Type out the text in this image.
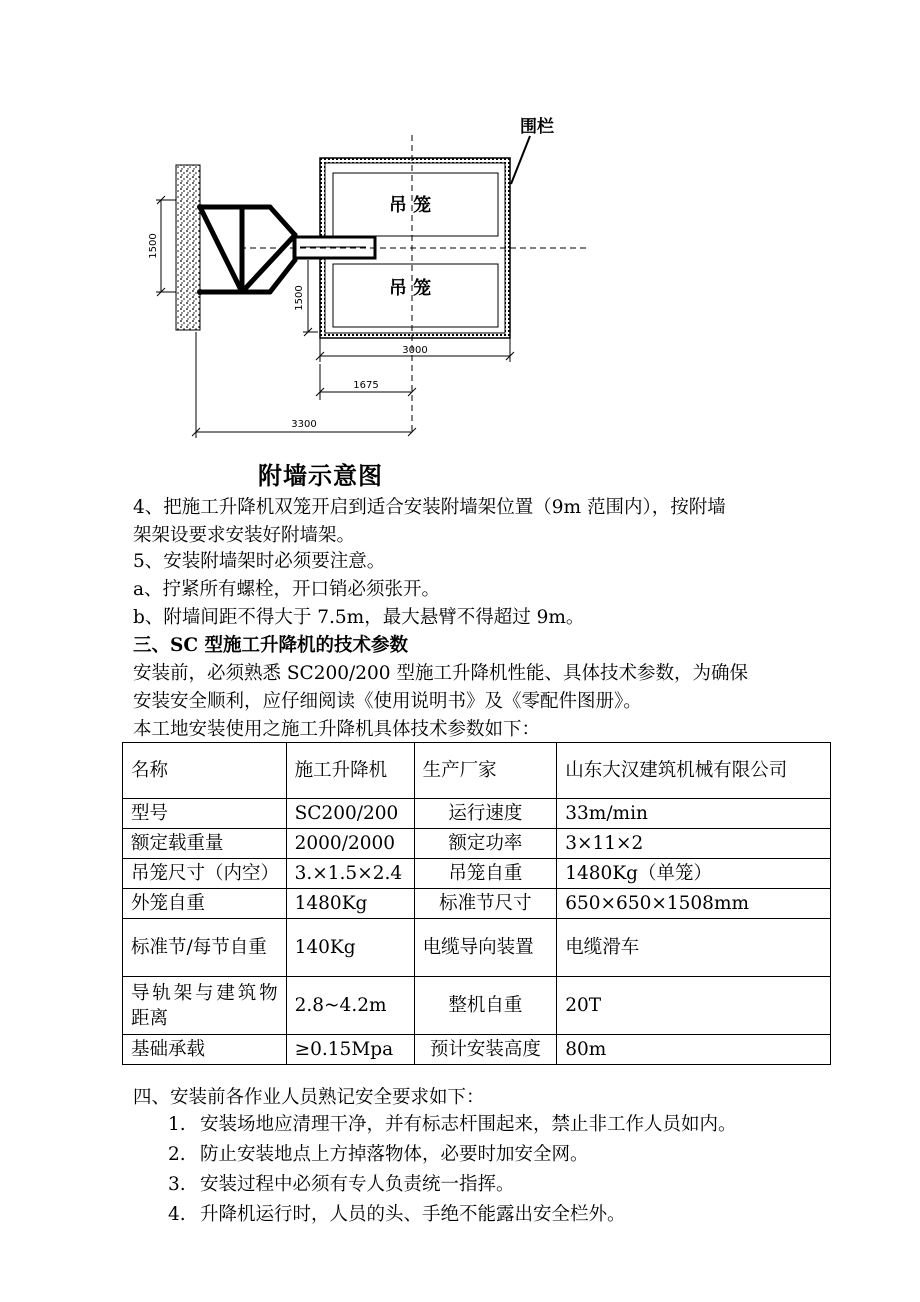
1500
吊 笼
吊 笼
围栏
1500
3000
1675
3300
附墙示意图
4、把施工升降机双笼开启到适合安装附墙架位置（9m 范围内），按附墙
架架设要求安装好附墙架。
5、安装附墙架时必须要注意。
a、拧紧所有螺栓，开口销必须张开。
b、附墙间距不得大于 7.5m，最大悬臂不得超过 9m。
三、SC 型施工升降机的技术参数
安装前，必须熟悉 SC200/200 型施工升降机性能、具体技术参数，为确保
安装安全顺利，应仔细阅读《使用说明书》及《零配件图册》。
本工地安装使用之施工升降机具体技术参数如下：
名称	施工升降机	生产厂家	山东大汉建筑机械有限公司
型号	SC200/200	运行速度	33m/min
额定载重量	2000/2000	额定功率	3×11×2
吊笼尺寸（内空）	3.×1.5×2.4	吊笼自重	1480Kg（单笼）
外笼自重	1480Kg	标准节尺寸	650×650×1508mm
标准节/每节自重	140Kg	电缆导向装置	电缆滑车
导轨架与建筑物距离	2.8~4.2m	整机自重	20T
基础承载	≥0.15Mpa	预计安装高度	80m
四、安装前各作业人员熟记安全要求如下：
1. 安装场地应清理干净，并有标志杆围起来，禁止非工作人员如内。
2. 防止安装地点上方掉落物体，必要时加安全网。
3. 安装过程中必须有专人负责统一指挥。
4. 升降机运行时，人员的头、手绝不能露出安全栏外。
